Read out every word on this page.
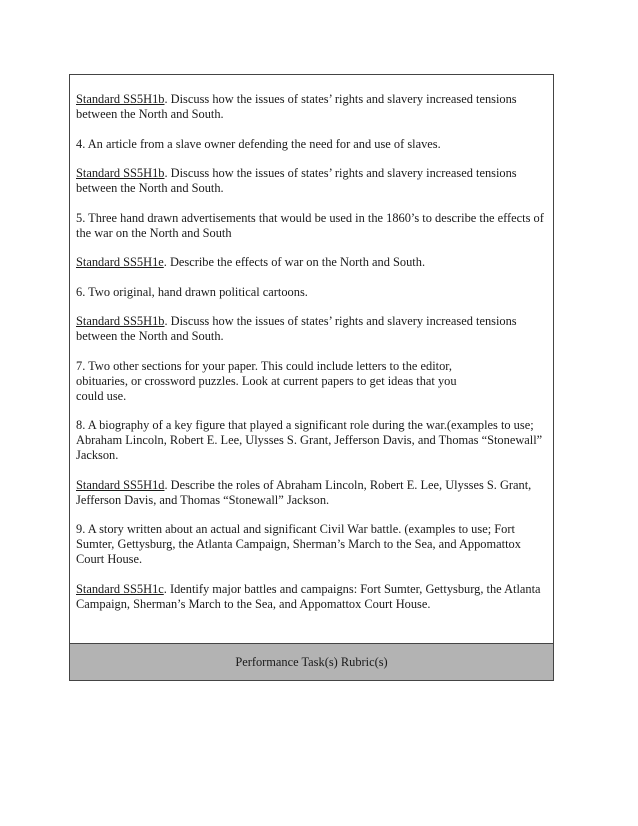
Standard SS5H1b. Discuss how the issues of states’ rights and slavery increased tensions between the North and South.

4. An article from a slave owner defending the need for and use of slaves.

Standard SS5H1b. Discuss how the issues of states’ rights and slavery increased tensions between the North and South.

5. Three hand drawn advertisements that would be used in the 1860’s to describe the effects of the war on the North and South

Standard SS5H1e. Describe the effects of war on the North and South.

6. Two original, hand drawn political cartoons.

Standard SS5H1b. Discuss how the issues of states’ rights and slavery increased tensions between the North and South.

7. Two other sections for your paper. This could include letters to the editor, obituaries, or crossword puzzles. Look at current papers to get ideas that you could use.

8. A biography of a key figure that played a significant role during the war.(examples to use; Abraham Lincoln, Robert E. Lee, Ulysses S. Grant, Jefferson Davis, and Thomas “Stonewall” Jackson.

Standard SS5H1d. Describe the roles of Abraham Lincoln, Robert E. Lee, Ulysses S. Grant, Jefferson Davis, and Thomas “Stonewall” Jackson.

9. A story written about an actual and significant Civil War battle. (examples to use; Fort Sumter, Gettysburg, the Atlanta Campaign, Sherman’s March to the Sea, and Appomattox Court House.

Standard SS5H1c. Identify major battles and campaigns: Fort Sumter, Gettysburg, the Atlanta Campaign, Sherman’s March to the Sea, and Appomattox Court House.

Performance Task(s) Rubric(s)
